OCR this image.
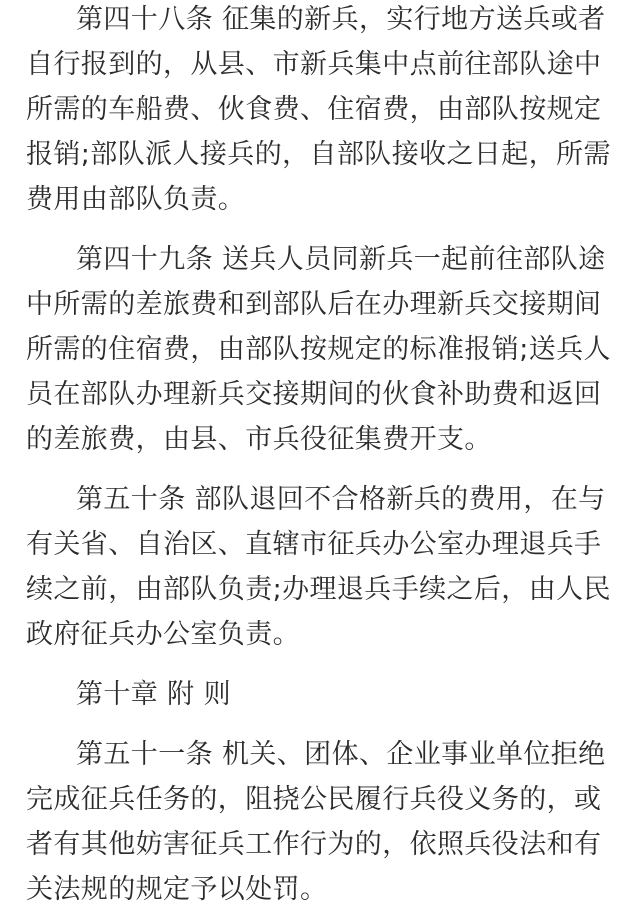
第四十八条 征集的新兵，实行地方送兵或者
自行报到的，从县、市新兵集中点前往部队途中
所需的车船费、伙食费、住宿费，由部队按规定
报销;部队派人接兵的，自部队接收之日起，所需
费用由部队负责。
第四十九条 送兵人员同新兵一起前往部队途
中所需的差旅费和到部队后在办理新兵交接期间
所需的住宿费，由部队按规定的标准报销;送兵人
员在部队办理新兵交接期间的伙食补助费和返回
的差旅费，由县、市兵役征集费开支。
第五十条 部队退回不合格新兵的费用，在与
有关省、自治区、直辖市征兵办公室办理退兵手
续之前，由部队负责;办理退兵手续之后，由人民
政府征兵办公室负责。
第十章 附 则
第五十一条 机关、团体、企业事业单位拒绝
完成征兵任务的，阻挠公民履行兵役义务的，或
者有其他妨害征兵工作行为的，依照兵役法和有
关法规的规定予以处罚。
